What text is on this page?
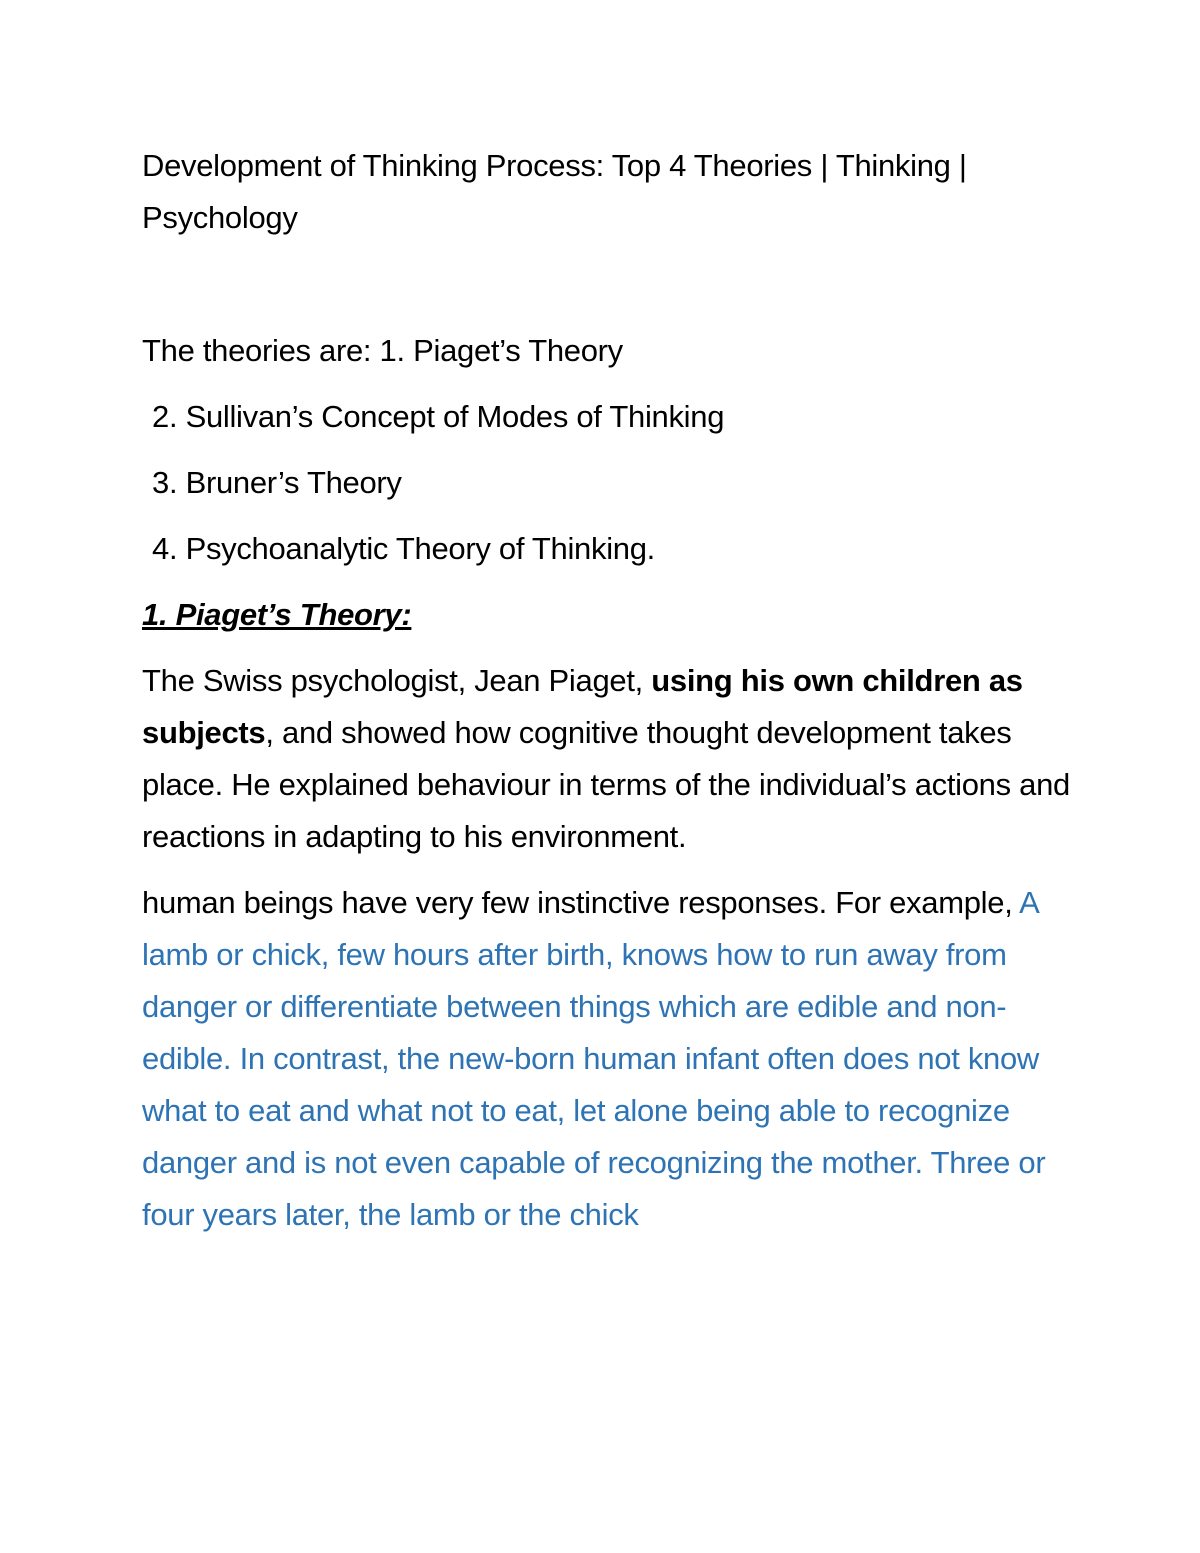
Development of Thinking Process: Top 4 Theories | Thinking | Psychology

The theories are: 1. Piaget’s Theory

2. Sullivan’s Concept of Modes of Thinking

3. Bruner’s Theory

4. Psychoanalytic Theory of Thinking.

1. Piaget’s Theory:

The Swiss psychologist, Jean Piaget, using his own children as subjects, and showed how cognitive thought development takes place. He explained behaviour in terms of the individual’s actions and reactions in adapting to his environment.

human beings have very few instinctive responses. For example, A lamb or chick, few hours after birth, knows how to run away from danger or differentiate between things which are edible and non-edible. In contrast, the new-born human infant often does not know what to eat and what not to eat, let alone being able to recognize danger and is not even capable of recognizing the mother. Three or four years later, the lamb or the chick
